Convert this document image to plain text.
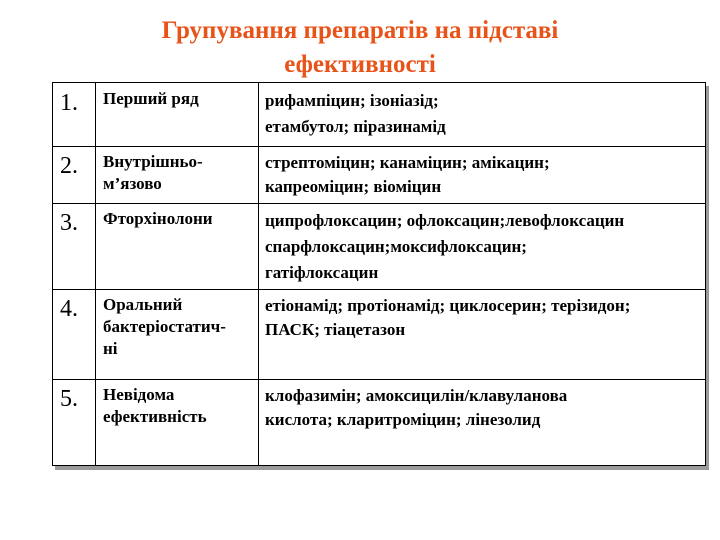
Групування препаратів на підставі
ефективності
1. Перший ряд	рифампіцин; ізоніазід;
етамбутол; піразинамід
2. Внутрішньо-
м’язово
стрептоміцин; канаміцин; амікацин;
капреоміцин; віоміцин
3. Фторхінолони	ципрофлоксацин; офлоксацин;левофлоксацин
спарфлоксацин;моксифлоксацин;
гатіфлоксацин
4. Оральний
бактеріостатич-
ні
етіонамід; протіонамід; циклосерин; терізидон;
ПАСК; тіацетазон
5. Невідома
ефективність
клофазимін; амоксицилін/клавуланова
кислота; кларитроміцин; лінезолид
